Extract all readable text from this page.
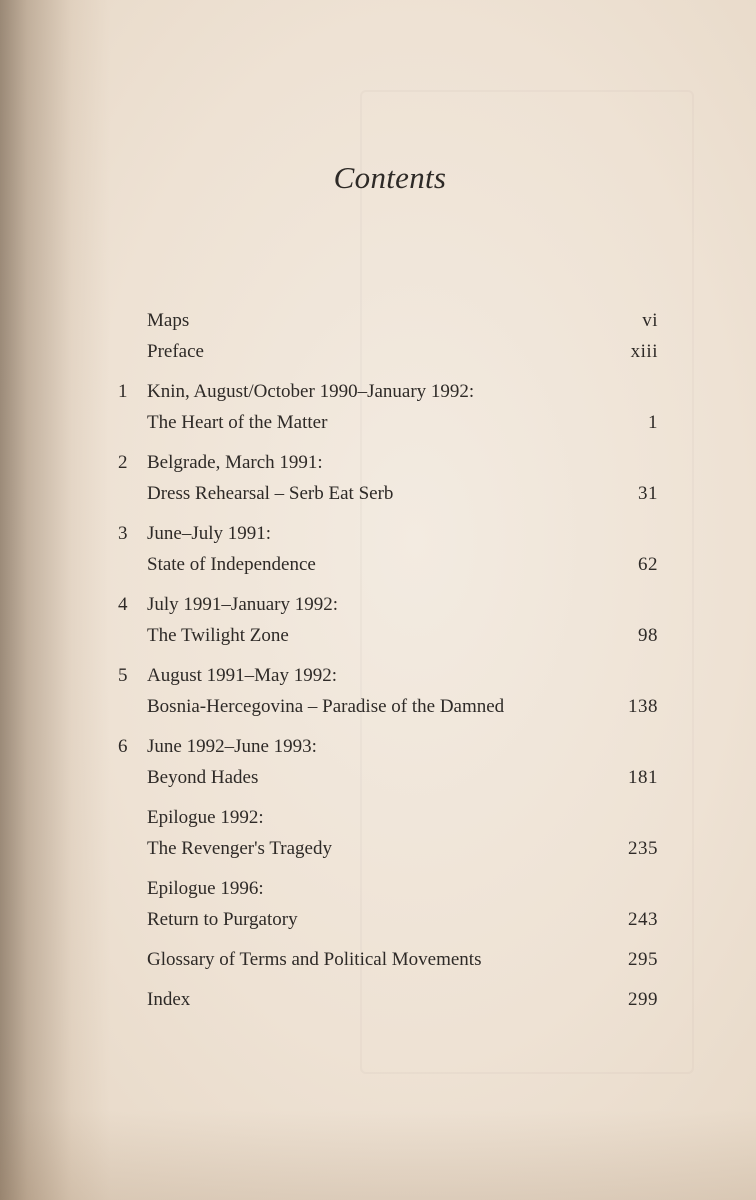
Contents
Maps	vi
Preface	xiii
1	Knin, August/October 1990–January 1992:
The Heart of the Matter	1
2	Belgrade, March 1991:
Dress Rehearsal – Serb Eat Serb	31
3	June–July 1991:
State of Independence	62
4	July 1991–January 1992:
The Twilight Zone	98
5	August 1991–May 1992:
Bosnia-Hercegovina – Paradise of the Damned	138
6	June 1992–June 1993:
Beyond Hades	181
Epilogue 1992:
The Revenger's Tragedy	235
Epilogue 1996:
Return to Purgatory	243
Glossary of Terms and Political Movements	295
Index	299
